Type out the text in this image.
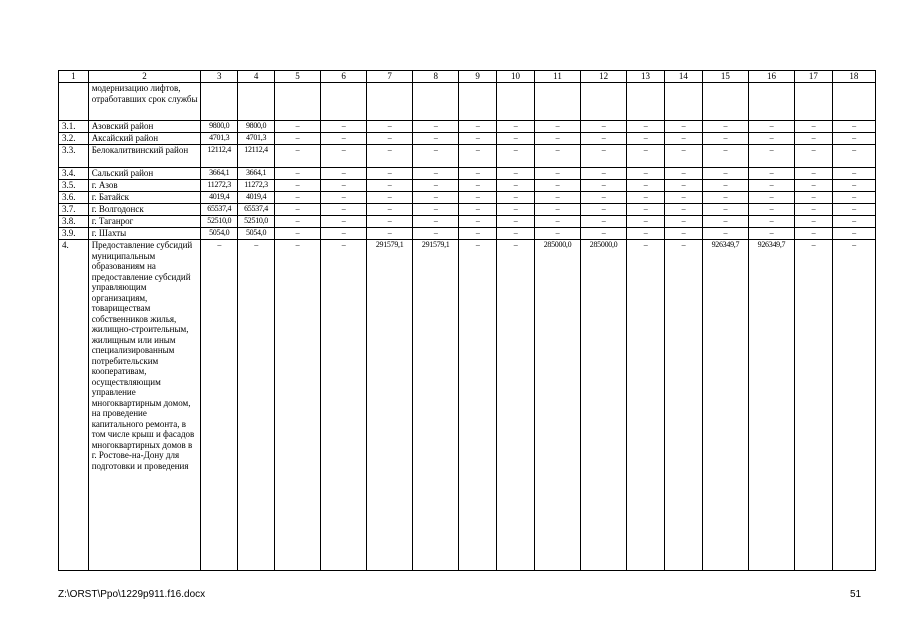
1	2	3	4	5	6	7	8	9	10	11	12	13	14	15	16	17	18
	модернизацию лифтов, отработавших срок службы																
3.1.	Азовский район	9800,0	9800,0	–	–	–	–	–	–	–	–	–	–	–	–	–	–
3.2.	Аксайский район	4701,3	4701,3	–	–	–	–	–	–	–	–	–	–	–	–	–	–
3.3.	Белокалитвинский район	12112,4	12112,4	–	–	–	–	–	–	–	–	–	–	–	–	–	–
3.4.	Сальский район	3664,1	3664,1	–	–	–	–	–	–	–	–	–	–	–	–	–	–
3.5.	г. Азов	11272,3	11272,3	–	–	–	–	–	–	–	–	–	–	–	–	–	–
3.6.	г. Батайск	4019,4	4019,4	–	–	–	–	–	–	–	–	–	–	–	–	–	–
3.7.	г. Волгодонск	65537,4	65537,4	–	–	–	–	–	–	–	–	–	–	–	–	–	–
3.8.	г. Таганрог	52510,0	52510,0	–	–	–	–	–	–	–	–	–	–	–	–	–	–
3.9.	г. Шахты	5054,0	5054,0	–	–	–	–	–	–	–	–	–	–	–	–	–	–
4.	Предоставление субсидий муниципальным образованиям на предоставление субсидий управляющим организациям, товариществам собственников жилья, жилищно-строительным, жилищным или иным специализированным потребительским кооперативам, осуществляющим управление многоквартирным домом, на проведение капитального ремонта, в том числе крыш и фасадов многоквартирных домов в г. Ростове-на-Дону для подготовки и проведения	–	–	–	–	291579,1	291579,1	–	–	285000,0	285000,0	–	–	926349,7	926349,7	–	–
Z:\ORST\Ppo\1229p911.f16.docx	51
